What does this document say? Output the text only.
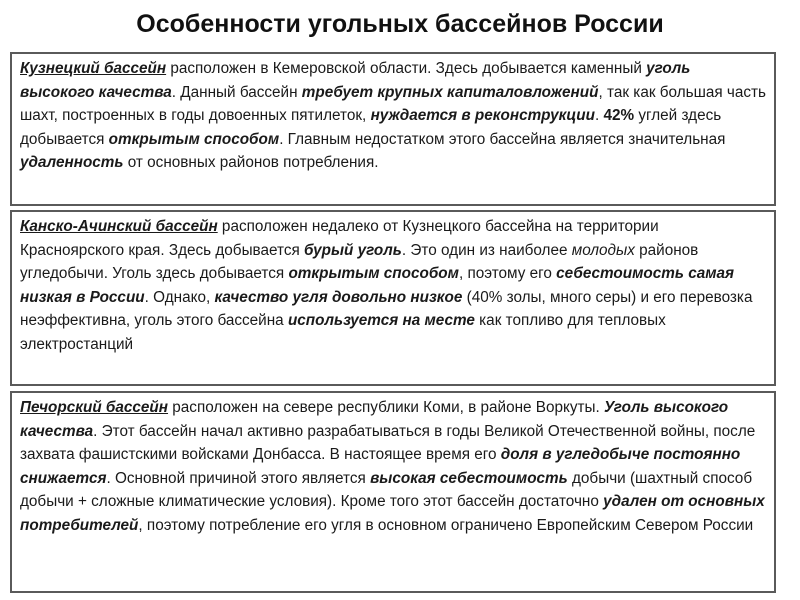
Особенности угольных бассейнов России

Кузнецкий бассейн расположен в Кемеровской области. Здесь добывается каменный уголь высокого качества. Данный бассейн требует крупных капиталовложений, так как большая часть шахт, построенных в годы довоенных пятилеток, нуждается в реконструкции. 42% углей здесь добывается открытым способом. Главным недостатком этого бассейна является значительная удаленность от основных районов потребления.

Канско-Ачинский бассейн расположен недалеко от Кузнецкого бассейна на территории Красноярского края. Здесь добывается бурый уголь. Это один из наиболее молодых районов угледобычи. Уголь здесь добывается открытым способом, поэтому его себестоимость самая низкая в России. Однако, качество угля довольно низкое (40% золы, много серы) и его перевозка неэффективна, уголь этого бассейна используется на месте как топливо для тепловых электростанций

Печорский бассейн расположен на севере республики Коми, в районе Воркуты. Уголь высокого качества. Этот бассейн начал активно разрабатываться в годы Великой Отечественной войны, после захвата фашистскими войсками Донбасса. В настоящее время его доля в угледобыче постоянно снижается. Основной причиной этого является высокая себестоимость добычи (шахтный способ добычи + сложные климатические условия). Кроме того этот бассейн достаточно удален от основных потребителей, поэтому потребление его угля в основном ограничено Европейским Севером России
